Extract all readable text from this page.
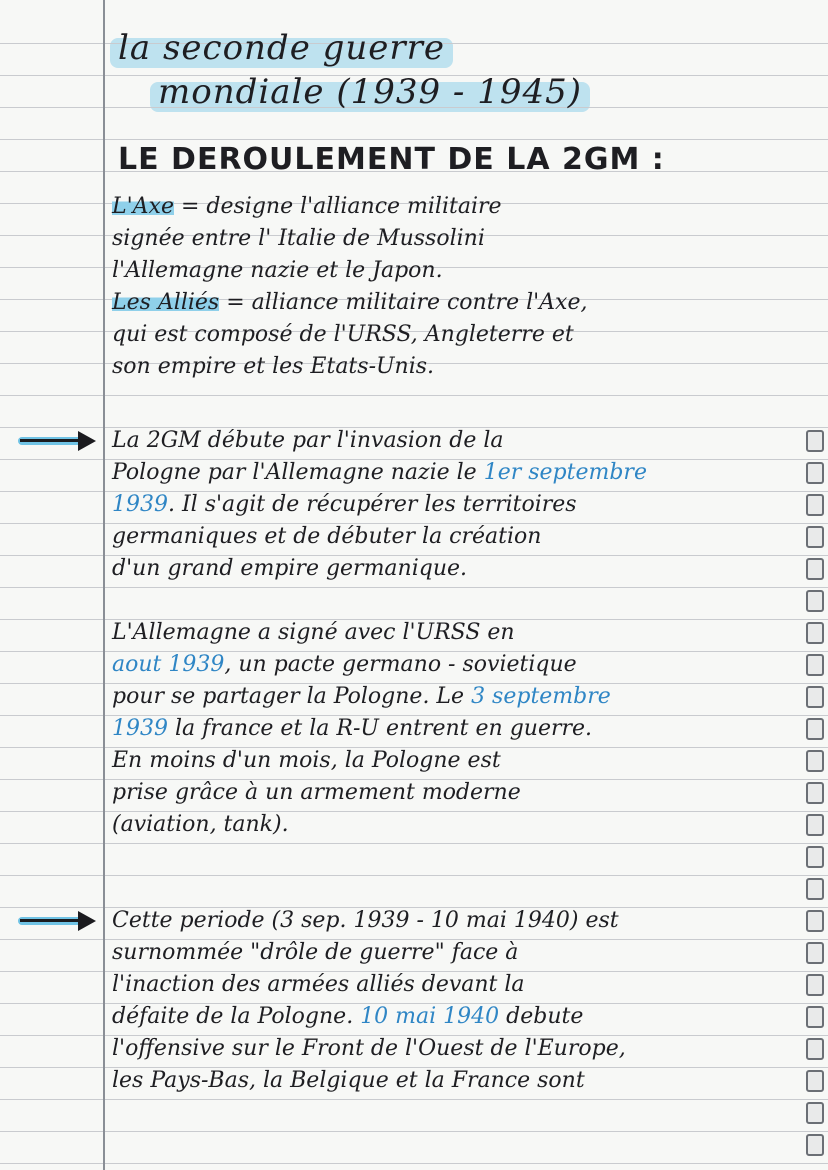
la seconde guerre
mondiale (1939 - 1945)
LE DEROULEMENT DE LA 2GM :
L'Axe = designe l'alliance militaire
signée entre l' Italie de Mussolini
l'Allemagne nazie et le Japon.
Les Alliés = alliance militaire contre l'Axe,
qui est composé de l'URSS, Angleterre et
son empire et les Etats-Unis.
La 2GM débute par l'invasion de la
Pologne par l'Allemagne nazie le 1er septembre
1939. Il s'agit de récupérer les territoires
germaniques et de débuter la création
d'un grand empire germanique.
L'Allemagne a signé avec l'URSS en
aout 1939, un pacte germano - sovietique
pour se partager la Pologne. Le 3 septembre
1939 la france et la R-U entrent en guerre.
En moins d'un mois, la Pologne est
prise grâce à un armement moderne
(aviation, tank).
Cette periode (3 sep. 1939 - 10 mai 1940) est
surnommée "drôle de guerre" face à
l'inaction des armées alliés devant la
défaite de la Pologne. 10 mai 1940 debute
l'offensive sur le Front de l'Ouest de l'Europe,
les Pays-Bas, la Belgique et la France sont
